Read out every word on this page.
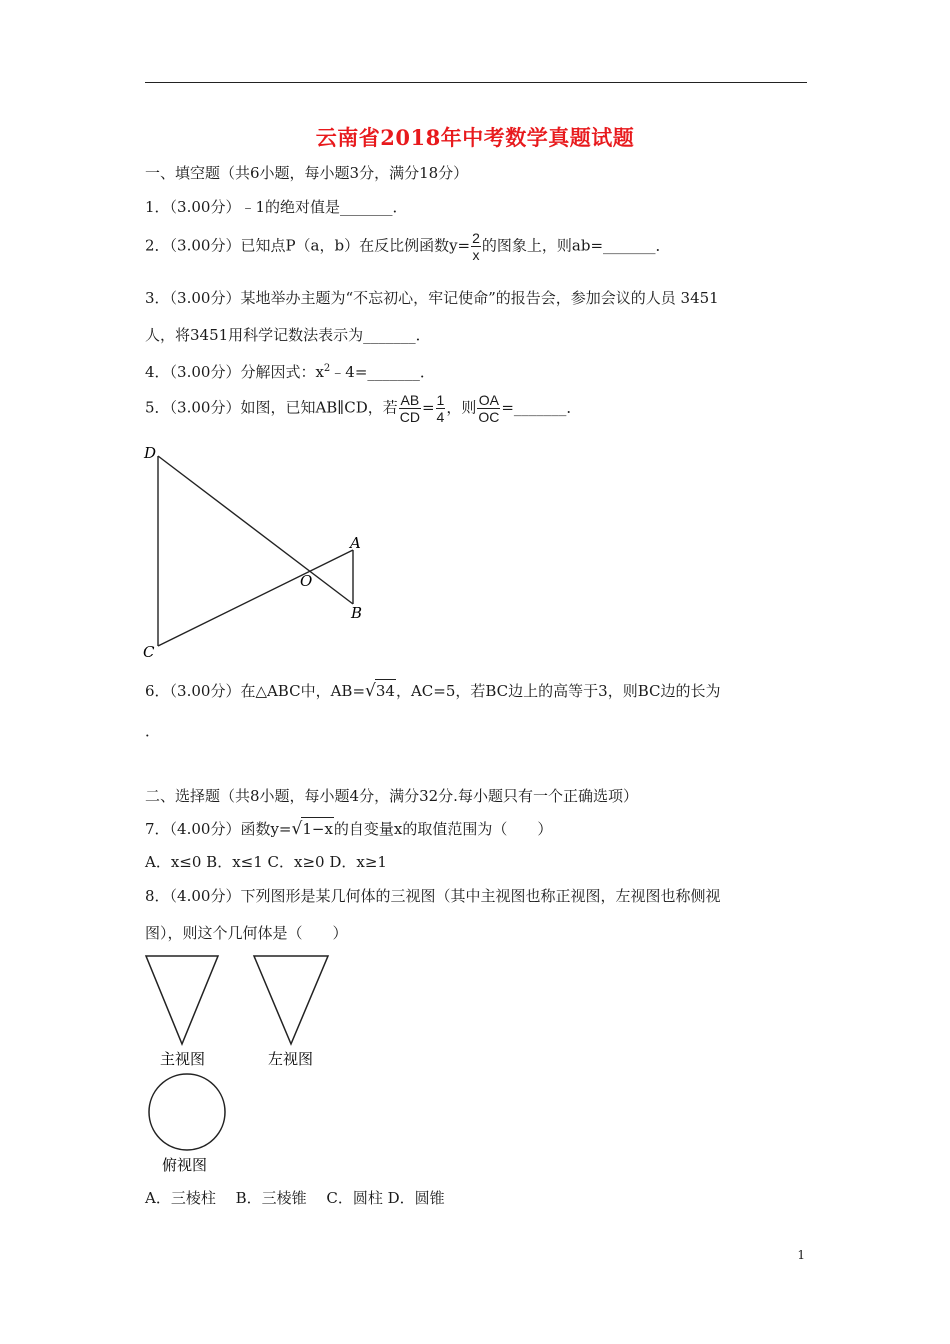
云南省2018年中考数学真题试题
一、填空题（共6小题，每小题3分，满分18分）
1．（3.00分）﹣1的绝对值是_______．
2．（3.00分）已知点P（a，b）在反比例函数$y= \frac{2}{x}$ 的图象上，则ab=_______．
3．（3.00分）某地举办主题为“不忘初心，牢记使命”的报告会，参加会议的人员 3451
人，将3451用科学记数法表示为_______．
4．（3.00分）分解因式：$x^2﹣4=\_\_\_\_\_\_\_$．
5．（3.00分）如图，已知AB∥CD，若 $\frac{AB}{CD} = \frac{1}{4}$ ，则 $\frac{OA}{OC}$ =_______．
D
A
O
B
C
6．（3.00分）在△ABC中，AB=√34，AC=5，若BC边上的高等于3，则BC边的长为
．
二、选择题（共8小题，每小题4分，满分32分.每小题只有一个正确选项）
7．（4.00分）函数y=√1−x的自变量x的取值范围为（　　）
A．x≤0 B．x≤1 C．x≥0 D．x≥1
8．（4.00分）下列图形是某几何体的三视图（其中主视图也称正视图，左视图也称侧视
图），则这个几何体是（　　）
主视图	左视图
俯视图
A．三棱柱　 B．三棱锥　 C．圆柱 D．圆锥
1
